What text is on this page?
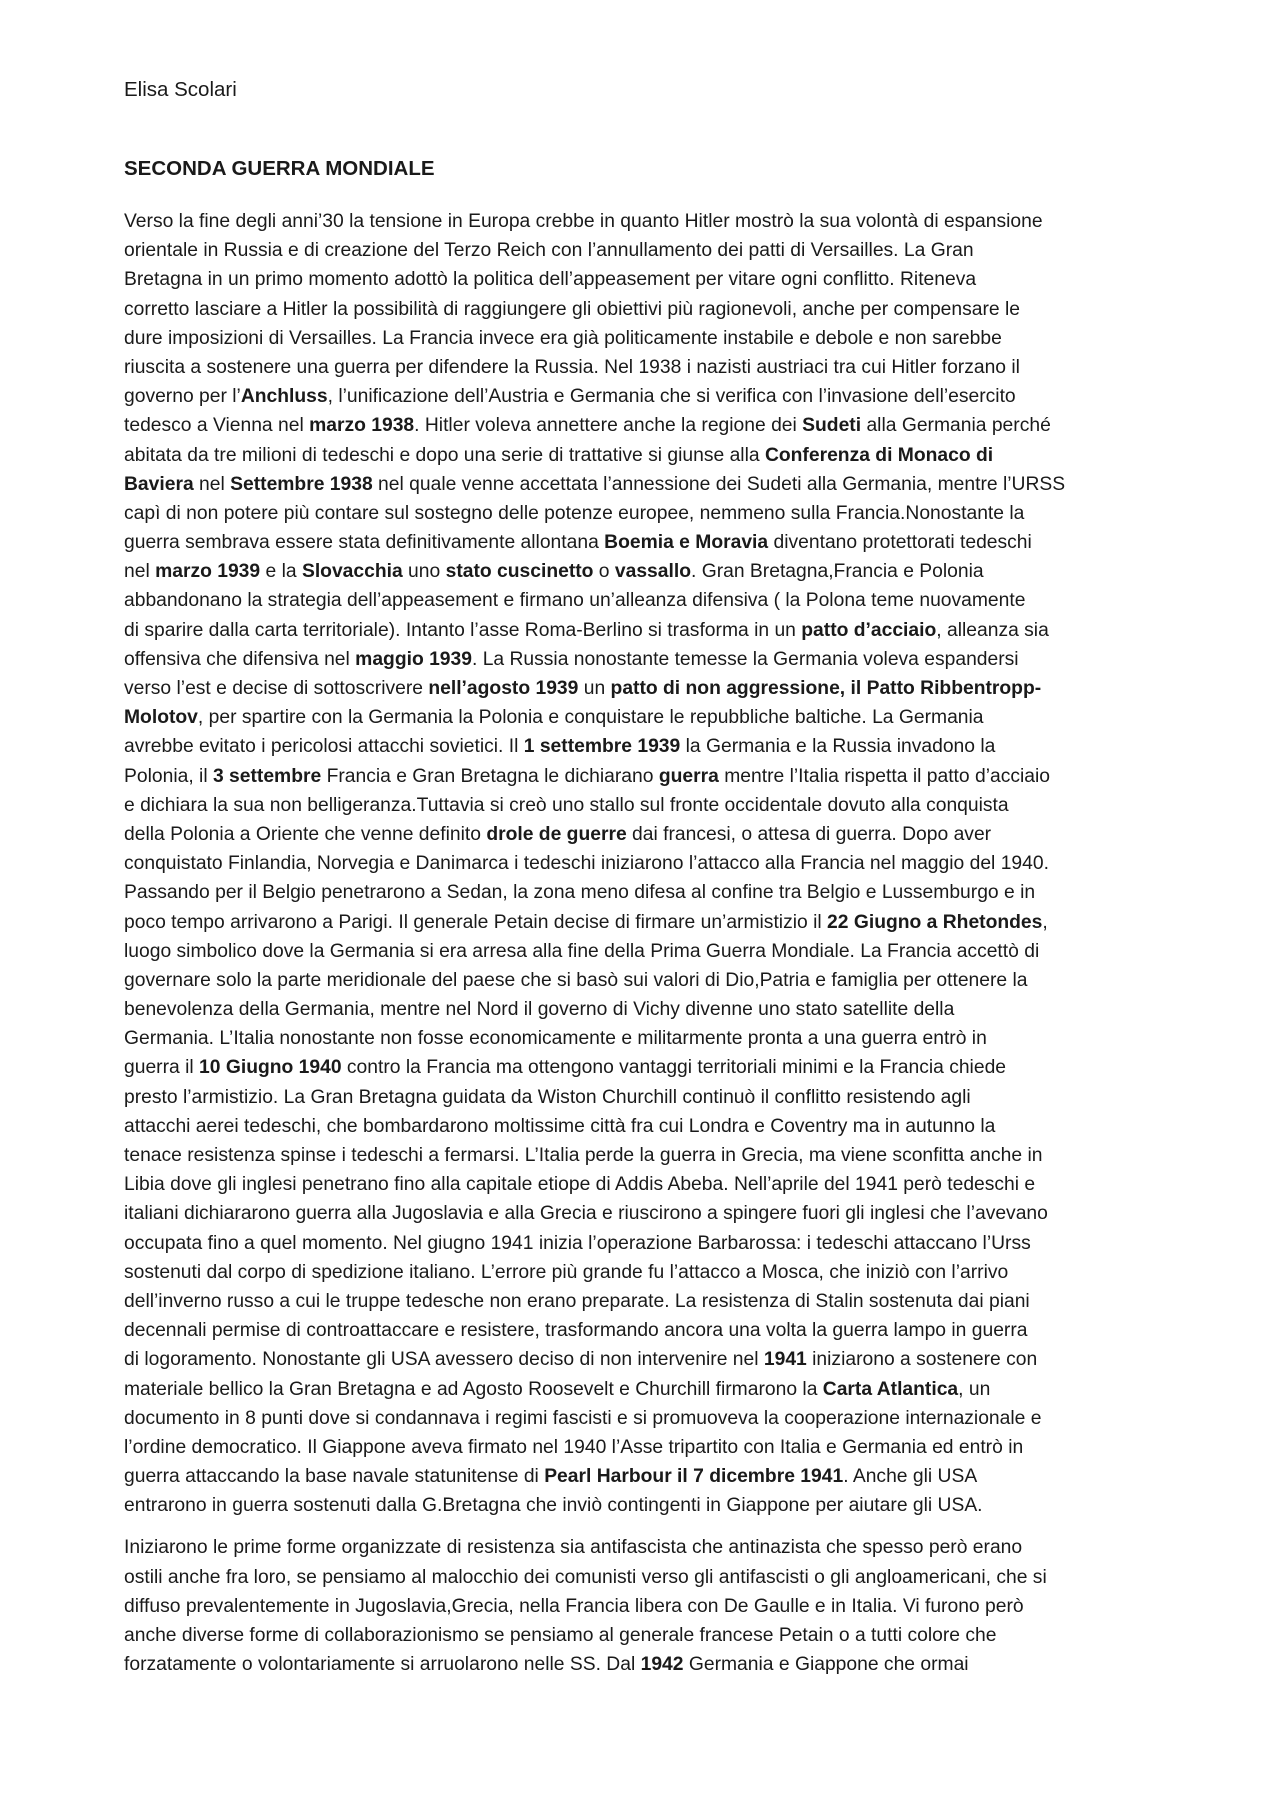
Elisa Scolari

SECONDA GUERRA MONDIALE

Verso la fine degli anni’30 la tensione in Europa crebbe in quanto Hitler mostrò la sua volontà di espansione
orientale in Russia e di creazione del Terzo Reich con l’annullamento dei patti di Versailles. La Gran
Bretagna in un primo momento adottò la politica dell’appeasement per vitare ogni conflitto. Riteneva
corretto lasciare a Hitler la possibilità di raggiungere gli obiettivi più ragionevoli, anche per compensare le
dure imposizioni di Versailles. La Francia invece era già politicamente instabile e debole e non sarebbe
riuscita a sostenere una guerra per difendere la Russia. Nel 1938 i nazisti austriaci tra cui Hitler forzano il
governo per l’Anchluss, l’unificazione dell’Austria e Germania che si verifica con l’invasione dell’esercito
tedesco a Vienna nel marzo 1938. Hitler voleva annettere anche la regione dei Sudeti alla Germania perché
abitata da tre milioni di tedeschi e dopo una serie di trattative si giunse alla Conferenza di Monaco di
Baviera nel Settembre 1938 nel quale venne accettata l’annessione dei Sudeti alla Germania, mentre l’URSS
capì di non potere più contare sul sostegno delle potenze europee, nemmeno sulla Francia.Nonostante la
guerra sembrava essere stata definitivamente allontana Boemia e Moravia diventano protettorati tedeschi
nel marzo 1939 e la Slovacchia uno stato cuscinetto o vassallo. Gran Bretagna,Francia e Polonia
abbandonano la strategia dell’appeasement e firmano un’alleanza difensiva ( la Polona teme nuovamente
di sparire dalla carta territoriale). Intanto l’asse Roma-Berlino si trasforma in un patto d’acciaio, alleanza sia
offensiva che difensiva nel maggio 1939. La Russia nonostante temesse la Germania voleva espandersi
verso l’est e decise di sottoscrivere nell’agosto 1939 un patto di non aggressione, il Patto Ribbentropp-
Molotov, per spartire con la Germania la Polonia e conquistare le repubbliche baltiche. La Germania
avrebbe evitato i pericolosi attacchi sovietici. Il 1 settembre 1939 la Germania e la Russia invadono la
Polonia, il 3 settembre Francia e Gran Bretagna le dichiarano guerra mentre l’Italia rispetta il patto d’acciaio
e dichiara la sua non belligeranza.Tuttavia si creò uno stallo sul fronte occidentale dovuto alla conquista
della Polonia a Oriente che venne definito drole de guerre dai francesi, o attesa di guerra. Dopo aver
conquistato Finlandia, Norvegia e Danimarca i tedeschi iniziarono l’attacco alla Francia nel maggio del 1940.
Passando per il Belgio penetrarono a Sedan, la zona meno difesa al confine tra Belgio e Lussemburgo e in
poco tempo arrivarono a Parigi. Il generale Petain decise di firmare un’armistizio il 22 Giugno a Rhetondes,
luogo simbolico dove la Germania si era arresa alla fine della Prima Guerra Mondiale. La Francia accettò di
governare solo la parte meridionale del paese che si basò sui valori di Dio,Patria e famiglia per ottenere la
benevolenza della Germania, mentre nel Nord il governo di Vichy divenne uno stato satellite della
Germania. L’Italia nonostante non fosse economicamente e militarmente pronta a una guerra entrò in
guerra il 10 Giugno 1940 contro la Francia ma ottengono vantaggi territoriali minimi e la Francia chiede
presto l’armistizio. La Gran Bretagna guidata da Wiston Churchill continuò il conflitto resistendo agli
attacchi aerei tedeschi, che bombardarono moltissime città fra cui Londra e Coventry ma in autunno la
tenace resistenza spinse i tedeschi a fermarsi. L’Italia perde la guerra in Grecia, ma viene sconfitta anche in
Libia dove gli inglesi penetrano fino alla capitale etiope di Addis Abeba. Nell’aprile del 1941 però tedeschi e
italiani dichiararono guerra alla Jugoslavia e alla Grecia e riuscirono a spingere fuori gli inglesi che l’avevano
occupata fino a quel momento. Nel giugno 1941 inizia l’operazione Barbarossa: i tedeschi attaccano l’Urss
sostenuti dal corpo di spedizione italiano. L’errore più grande fu l’attacco a Mosca, che iniziò con l’arrivo
dell’inverno russo a cui le truppe tedesche non erano preparate. La resistenza di Stalin sostenuta dai piani
decennali permise di controattaccare e resistere, trasformando ancora una volta la guerra lampo in guerra
di logoramento. Nonostante gli USA avessero deciso di non intervenire nel 1941 iniziarono a sostenere con
materiale bellico la Gran Bretagna e ad Agosto Roosevelt e Churchill firmarono la Carta Atlantica, un
documento in 8 punti dove si condannava i regimi fascisti e si promuoveva la cooperazione internazionale e
l’ordine democratico. Il Giappone aveva firmato nel 1940 l’Asse tripartito con Italia e Germania ed entrò in
guerra attaccando la base navale statunitense di Pearl Harbour il 7 dicembre 1941. Anche gli USA
entrarono in guerra sostenuti dalla G.Bretagna che inviò contingenti in Giappone per aiutare gli USA.
Iniziarono le prime forme organizzate di resistenza sia antifascista che antinazista che spesso però erano
ostili anche fra loro, se pensiamo al malocchio dei comunisti verso gli antifascisti o gli angloamericani, che si
diffuso prevalentemente in Jugoslavia,Grecia, nella Francia libera con De Gaulle e in Italia. Vi furono però
anche diverse forme di collaborazionismo se pensiamo al generale francese Petain o a tutti colore che
forzatamente o volontariamente si arruolarono nelle SS. Dal 1942 Germania e Giappone che ormai
